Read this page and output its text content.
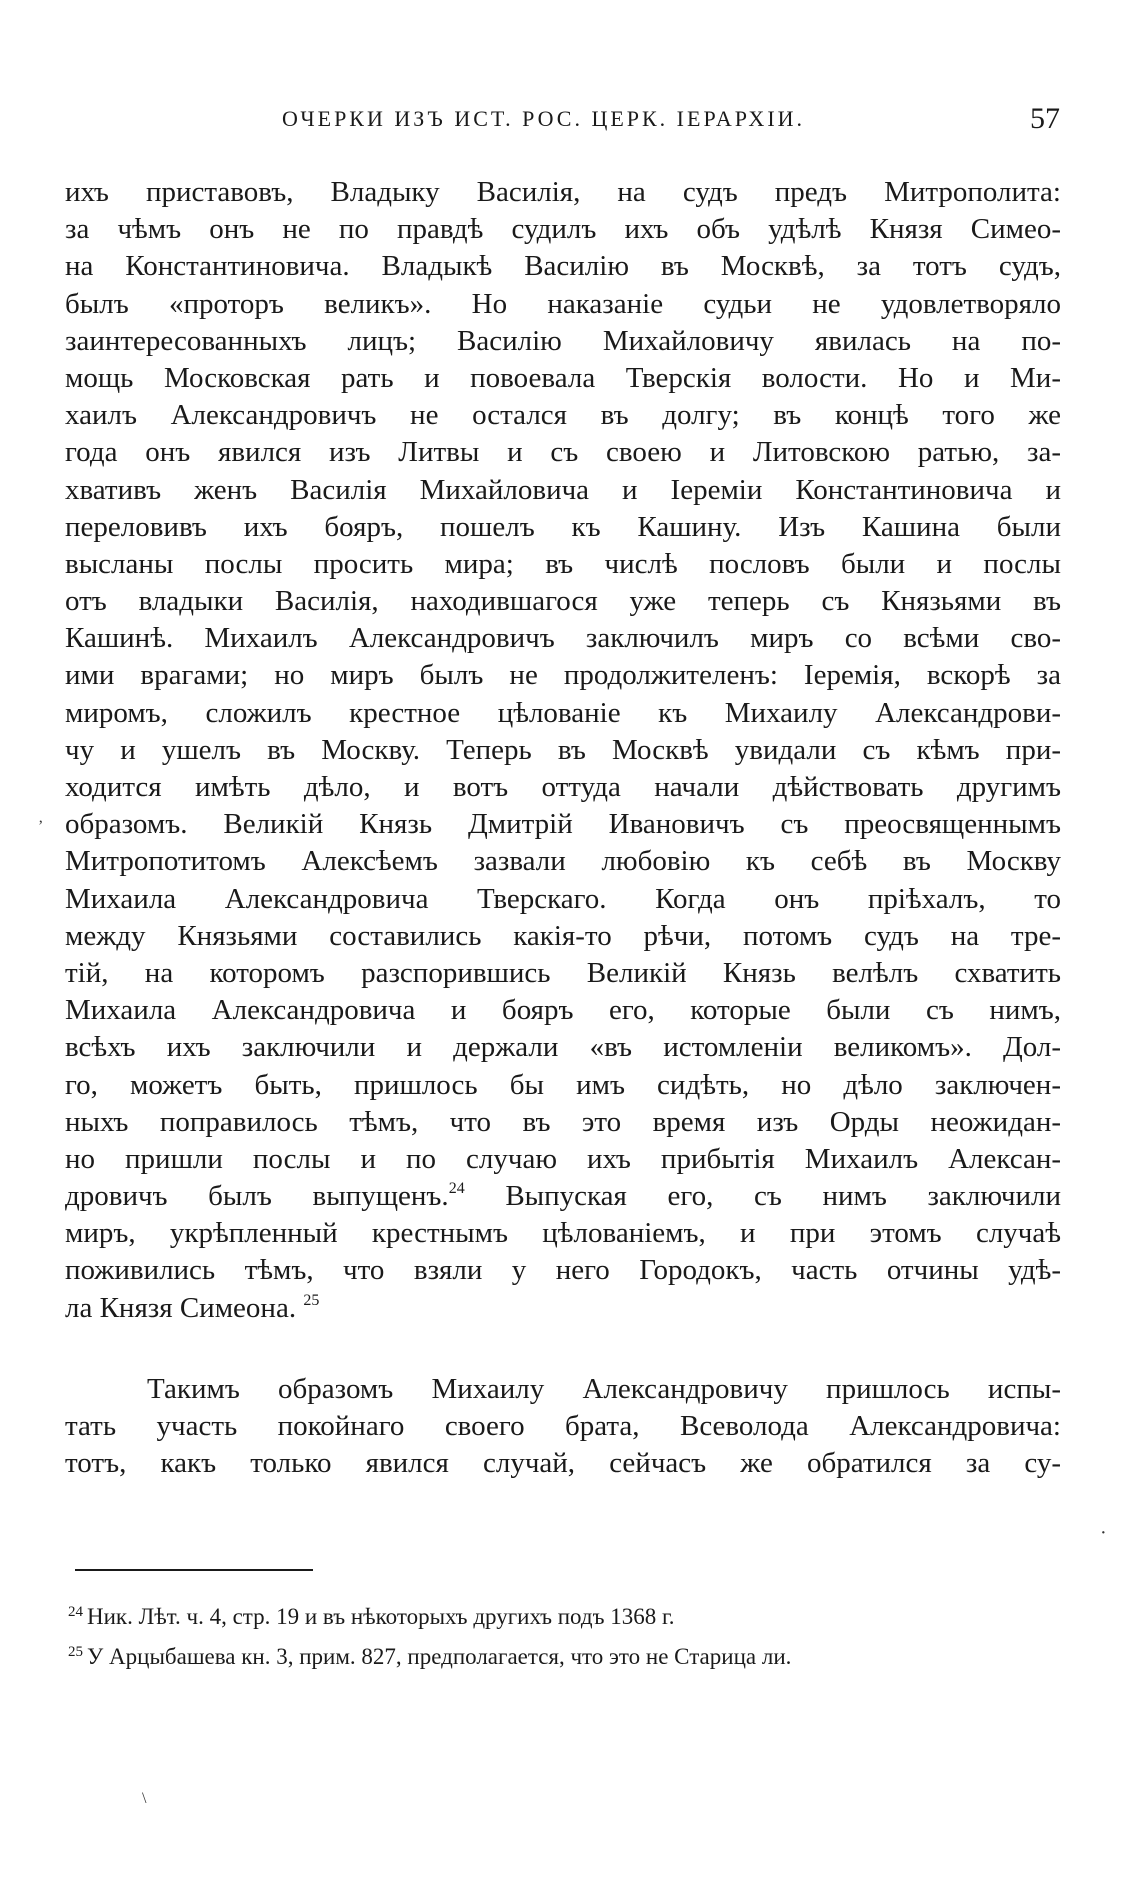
ОЧЕРКИ ИЗЪ ИСТ. РОС. ЦЕРК. ІЕРАРХІИ.	57
ихъ приставовъ, Владыку Василія, на судъ предъ Митрополита:
за чѣмъ онъ не по правдѣ судилъ ихъ объ удѣлѣ Князя Симео-
на Константиновича. Владыкѣ Василію въ Москвѣ, за тотъ судъ,
былъ «проторъ великъ». Но наказаніе судьи не удовлетворяло
заинтересованныхъ лицъ; Василію Михайловичу явилась на по-
мощь Московская рать и повоевала Тверскія волости. Но и Ми-
хаилъ Александровичъ не остался въ долгу; въ концѣ того же
года онъ явился изъ Литвы и съ своею и Литовскою ратью, за-
хвативъ женъ Василія Михайловича и Іереміи Константиновича и
переловивъ ихъ бояръ, пошелъ къ Кашину. Изъ Кашина были
высланы послы просить мира; въ числѣ пословъ были и послы
отъ владыки Василія, находившагося уже теперь съ Князьями въ
Кашинѣ. Михаилъ Александровичъ заключилъ миръ со всѣми сво-
ими врагами; но миръ былъ не продолжителенъ: Іеремія, вскорѣ за
миромъ, сложилъ крестное цѣлованіе къ Михаилу Александрови-
чу и ушелъ въ Москву. Теперь въ Москвѣ увидали съ кѣмъ при-
ходится имѣть дѣло, и вотъ оттуда начали дѣйствовать другимъ
образомъ. Великій Князь Дмитрій Ивановичъ съ преосвященнымъ
Митропотитомъ Алексѣемъ зазвали любовію къ себѣ въ Москву
Михаила Александровича Тверскаго. Когда онъ пріѣхалъ, то
между Князьями составились какія-то рѣчи, потомъ судъ на тре-
тій, на которомъ разспорившись Великій Князь велѣлъ схватить
Михаила Александровича и бояръ его, которые были съ нимъ,
всѣхъ ихъ заключили и держали «въ истомленіи великомъ». Дол-
го, можетъ быть, пришлось бы имъ сидѣть, но дѣло заключен-
ныхъ поправилось тѣмъ, что въ это время изъ Орды неожидан-
но пришли послы и по случаю ихъ прибытія Михаилъ Алексан-
дровичъ былъ выпущенъ.$^{24}$ Выпуская его, съ нимъ заключили
миръ, укрѣпленный крестнымъ цѣлованіемъ, и при этомъ случаѣ
поживились тѣмъ, что взяли у него Городокъ, часть отчины удѣ-
ла Князя Симеона. $^{25}$
Такимъ образомъ Михаилу Александровичу пришлось испы-
тать участь покойнаго своего брата, Всеволода Александровича:
тотъ, какъ только явился случай, сейчасъ же обратился за су-
$^{24}$ Ник. Лѣт. ч. 4, стр. 19 и въ нѣкоторыхъ другихъ подъ 1368 г.
$^{25}$ У Арцыбашева кн. 3, прим. 827, предполагается, что это не Старица ли.
’
·
\
